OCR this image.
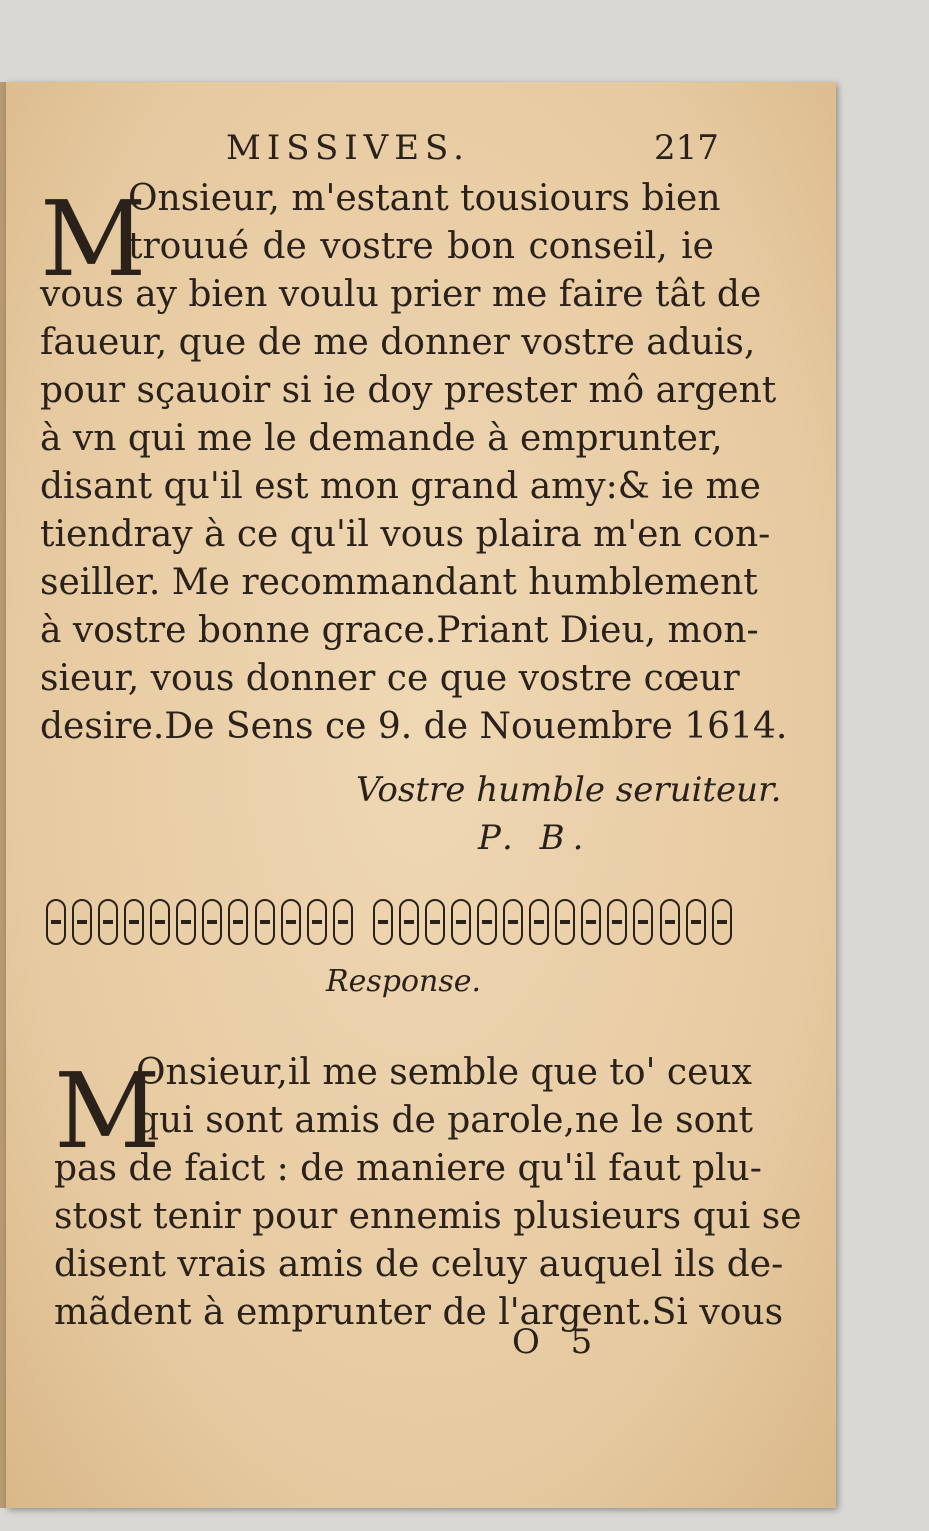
MISSIVES.	217
M
Onsieur, m'estant tousiours bien
trouué de vostre bon conseil, ie
vous ay bien voulu prier me faire tât de
faueur, que de me donner vostre aduis,
pour sçauoir si ie doy prester mô argent
à vn qui me le demande à emprunter,
disant qu'il est mon grand amy:& ie me
tiendray à ce qu'il vous plaira m'en con-
seiller. Me recommandant humblement
à vostre bonne grace.Priant Dieu, mon-
sieur, vous donner ce que vostre cœur
desire.De Sens ce 9. de Nouembre 1614.
Vostre humble seruiteur.
P. B.
Response.
M
Onsieur,il me semble que to' ceux
qui sont amis de parole,ne le sont
pas de faict : de maniere qu'il faut plu-
stost tenir pour ennemis plusieurs qui se
disent vrais amis de celuy auquel ils de-
mãdent à emprunter de l'argent.Si vous
O 5
